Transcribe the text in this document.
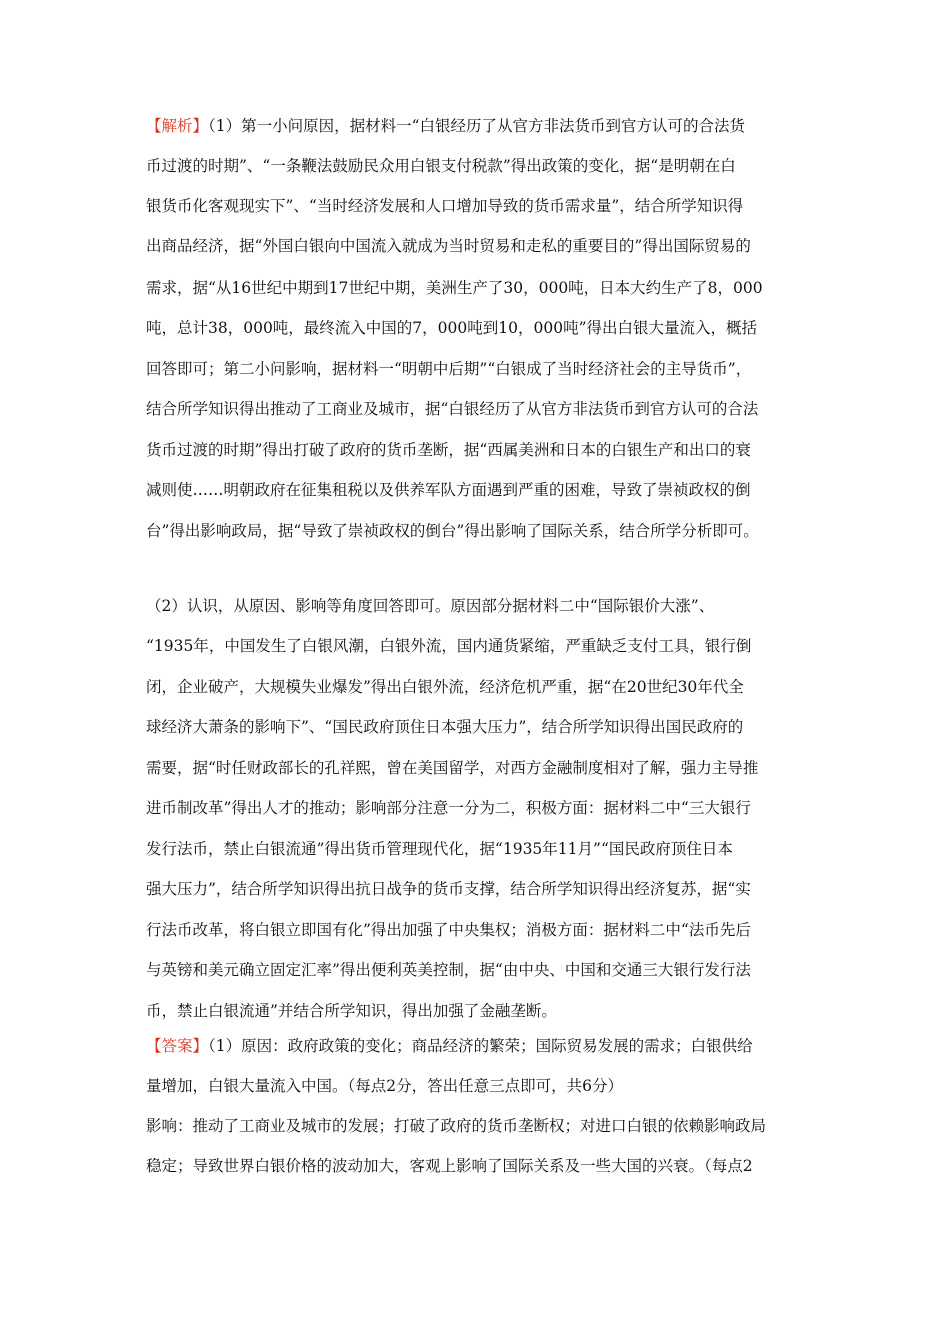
【解析】（1）第一小问原因，据材料一“白银经历了从官方非法货币到官方认可的合法货
币过渡的时期”、“一条鞭法鼓励民众用白银支付税款”得出政策的变化，据“是明朝在白
银货币化客观现实下”、“当时经济发展和人口增加导致的货币需求量”，结合所学知识得
出商品经济，据“外国白银向中国流入就成为当时贸易和走私的重要目的”得出国际贸易的
需求，据“从16世纪中期到17世纪中期，美洲生产了30，000吨，日本大约生产了8，000
吨，总计38，000吨，最终流入中国的7，000吨到10，000吨”得出白银大量流入，概括
回答即可；第二小问影响，据材料一“明朝中后期”“白银成了当时经济社会的主导货币”，
结合所学知识得出推动了工商业及城市，据“白银经历了从官方非法货币到官方认可的合法
货币过渡的时期”得出打破了政府的货币垄断，据“西属美洲和日本的白银生产和出口的衰
减则使……明朝政府在征集租税以及供养军队方面遇到严重的困难，导致了崇祯政权的倒
台”得出影响政局，据“导致了崇祯政权的倒台”得出影响了国际关系，结合所学分析即可。
（2）认识，从原因、影响等角度回答即可。原因部分据材料二中“国际银价大涨”、
“1935年，中国发生了白银风潮，白银外流，国内通货紧缩，严重缺乏支付工具，银行倒
闭，企业破产，大规模失业爆发”得出白银外流，经济危机严重，据“在20世纪30年代全
球经济大萧条的影响下”、“国民政府顶住日本强大压力”，结合所学知识得出国民政府的
需要，据“时任财政部长的孔祥熙，曾在美国留学，对西方金融制度相对了解，强力主导推
进币制改革”得出人才的推动；影响部分注意一分为二，积极方面：据材料二中“三大银行
发行法币，禁止白银流通”得出货币管理现代化，据“1935年11月”“国民政府顶住日本
强大压力”，结合所学知识得出抗日战争的货币支撑，结合所学知识得出经济复苏，据“实
行法币改革，将白银立即国有化”得出加强了中央集权；消极方面：据材料二中“法币先后
与英镑和美元确立固定汇率”得出便利英美控制，据“由中央、中国和交通三大银行发行法
币，禁止白银流通”并结合所学知识，得出加强了金融垄断。
【答案】（1）原因：政府政策的变化；商品经济的繁荣；国际贸易发展的需求；白银供给
量增加，白银大量流入中国。（每点2分，答出任意三点即可，共6分）
影响：推动了工商业及城市的发展；打破了政府的货币垄断权；对进口白银的依赖影响政局
稳定；导致世界白银价格的波动加大，客观上影响了国际关系及一些大国的兴衰。（每点2
